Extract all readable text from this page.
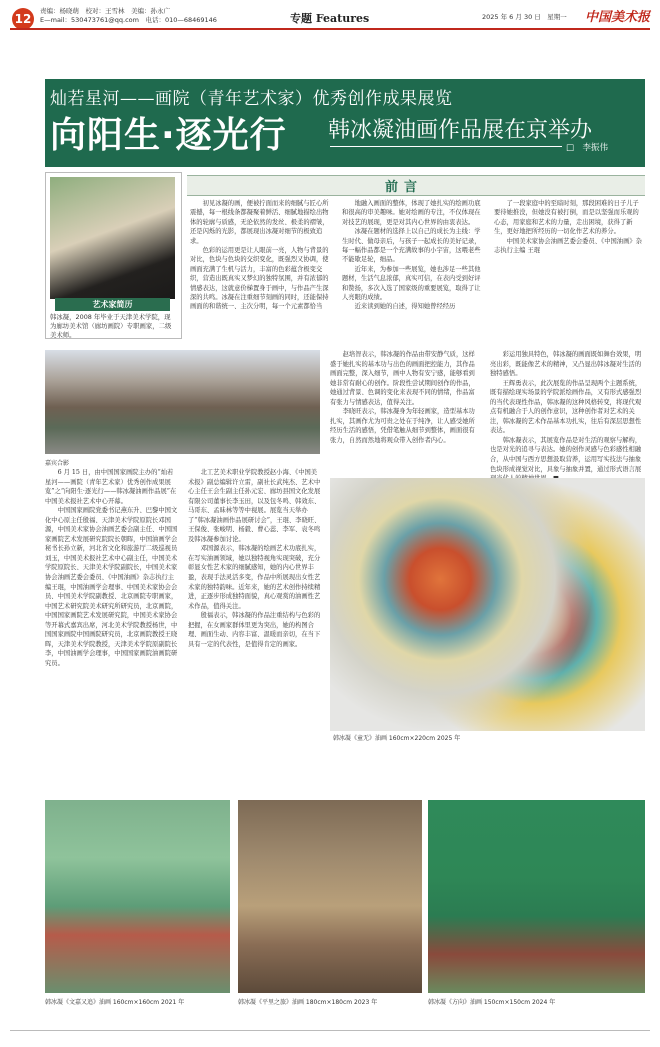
12
责编：杨晓萌　校对：王雪林　美编：孙永广
E—mail：530473761@qq.com　电话：010—68469146	专题 Features	2025 年 6 月 30 日　星期一 中国美术报
灿若星河——画院（青年艺术家）优秀创作成果展览
向阳生·逐光行 韩冰凝油画作品展在京举办
□　李振伟
艺术家简历
韩冰凝，2008 年毕业于天津美术学院，现为廊坊美术馆（廊坊画院）专职画家，二级美术师。
前言

初见冰凝的画，便被拧面而来的细腻与匠心所震撼，每一根线条都凝聚着鲜活、细腻地描绘出物体的轮廓与质感，无论依然的发丝、极柔的褶皱，还是闪烁的光影，都展现出冰凝对细节的极致追求。

色彩的运用更是让人眼前一亮，人物与背景的对比，色块与色块的交织变化，既强烈又协调，使画面充满了生机与活力，丰富的色彩蕴含极变交织，营造出既真实又梦幻的独特氛围，并有浓郁的情感表达，这就意价梯置身于画中，与作品产生深深的共鸣。冰凝在注重细节刻画的同时，还能保持画面的和谐统一、主次分明，每一个元素都恰当

地融入画面的整体，体现了她扎实的绘画功底和很高的审美趣味。她对绘画的专注，不仅体现在对技艺的展现，更是对其内心世界的由衷表达。

冰凝在题材的选择上以自己的成长为主线：学生时代、做母亲后，与孩子一起成长的美好记录，每一幅作品都是一个充满故事的小宇宙，这喂老些不能歇足轮，细品。

近年来，为参加一些展览，她也涉足一些其他题材，生活气息浓郁，真实可信，在表内受到好评和赞扬，多次入选了国家级的重要展览，取得了让人亮眼的成绩。

近来读到她的自述，得知她曾经经历

了一段家庭中的至暗时刻，那段困难的日子儿子要待她推没，但她没有被打倒，而是以坚强而乐观的心态，用家庭和艺术的力量，走出困境，获得了新生，更好地把所经历的一切化作艺术的养分。

中国美术家协会油画艺委会委员、《中国油画》杂志执行主编 王琨

嘉宾合影

6 月 15 日，由中国国家画院主办的“灿若星河——画院（青年艺术家）优秀创作成果展览”之“向阳生·逐光行——韩冰凝油画作品展”在中国美术报社艺术中心开幕。

中国国家画院党委书记燕东升、巴黎中国文化中心原主任殷福、天津美术学院原院长邓国源，中国美术家协会油画艺委会副主任、中国国家画院艺术发展研究院院长朝晖，中国油画学会秘书长孙立新，河北省文化和旅游厅二级巡视员刘玉，中国美术报社艺术中心副主任，中国美术学院原院长、天津美术学院副院长，中国美术家协会油画艺委会委员、《中国油画》杂志执行主编王琨，中国油画学会理事、中国美术家协会会员、中国美术学院副教授、北京画院专职画家，中国艺术研究院美术研究所研究员，北京画院，中国国家画院艺术发展研究院，中国美术家协会等开幕式嘉宾出席，河北美术学院教授杨世，中国国家画院中国画院研究员，北京画院教授王晓晖，天津美术学院教授，天津美术学院原副院长李，中国油画学会理事，中国国家画院油画院研究员。

北工艺美术职业学院教授赵小海、《中国美术报》副总编辑许立雷，副社长武纯杰、艺术中心主任王会生副主任孙元宏、廊坊县国文化发展有限公司董事长李玉田，以及包冬鸣、韩效东、马哥东、孟昧林等等中视展。展览当天举办了“韩冰凝油画作品展研讨会”，王琨、李晓旺、王保俊、张峻明、杨毅、曹心蕊、李军、袁冬鸣及韩冰凝参加讨论。

邓国源表示，韩冰凝的绘画艺术功底扎实，在写实油画领域，她以独特视角实现突破，充分彰显女性艺术家的细腻感知，她的内心世界丰盈，表现手法灵活多变，作品中所展现出女性艺术家的独特韵味。近年来，她的艺术创作持续精进，正逐步形成独特面貌，真心观赏的油画性艺术作品，值得关注。

殷福表示，韩冰凝的作品注重结构与色彩的把握，在女画家群体里更为突出，她的构图合理、画面生动、内容丰富、温暖而亲切，在当下具有一定的代表性，是值得肯定的画家。

赵培智表示，韩冰凝的作品由带安静气质，这样盛于她扎实的基本功与出色的画面把控能力，其作品画面完整，深入细节，画中人物有安宁感，能够看到她非常有耐心的创作。阶段性尝试期间创作的作品，她通过背景、色调的变化来表现不同的情绪，作品富有张力与情感表达，值得关注。

李晓旺表示，韩冰凝身为年轻画家，造型基本功扎实，其画作尤为可贵之处在于纯净，让人感受她所经历生活的感悟，凭借笔触从细节到整体，画面很有张力，自然而然地将观众带入创作者内心。

彩运用独具特色，韩冰凝的画面既如舞台效果，明亮出彩，既能像艺术的精神，又凸显出韩冰凝对生活的独特感悟。

王辉勇表示，此次展览的作品呈现两个主题系统，既有描绘现实场景的学院派绘画作品，又有形式感强烈的当代表现性作品，韩冰凝的这种风格转变，将现代观点有机融合于人的创作意识，这种创作者对艺术的关注，韩冰凝的艺术作品基本功扎实，往后有深层思想性表达。

韩冰凝表示，其展览作品是对生活的观察与解构，也是对光的追寻与表达。她的创作灵感与色彩感性相融合，从中国与西方思想汲取营养，运用写实技法与抽象色块形成视觉对比，具象与抽象并置，通过形式语言展

韩冰凝《童无》油画 160cm×220cm 2025 年
韩冰凝《文嘉又追》油画 160cm×160cm 2021 年	韩冰凝《平里之旅》油画 180cm×180cm 2023 年	韩冰凝《方向》油画 150cm×150cm 2024 年
